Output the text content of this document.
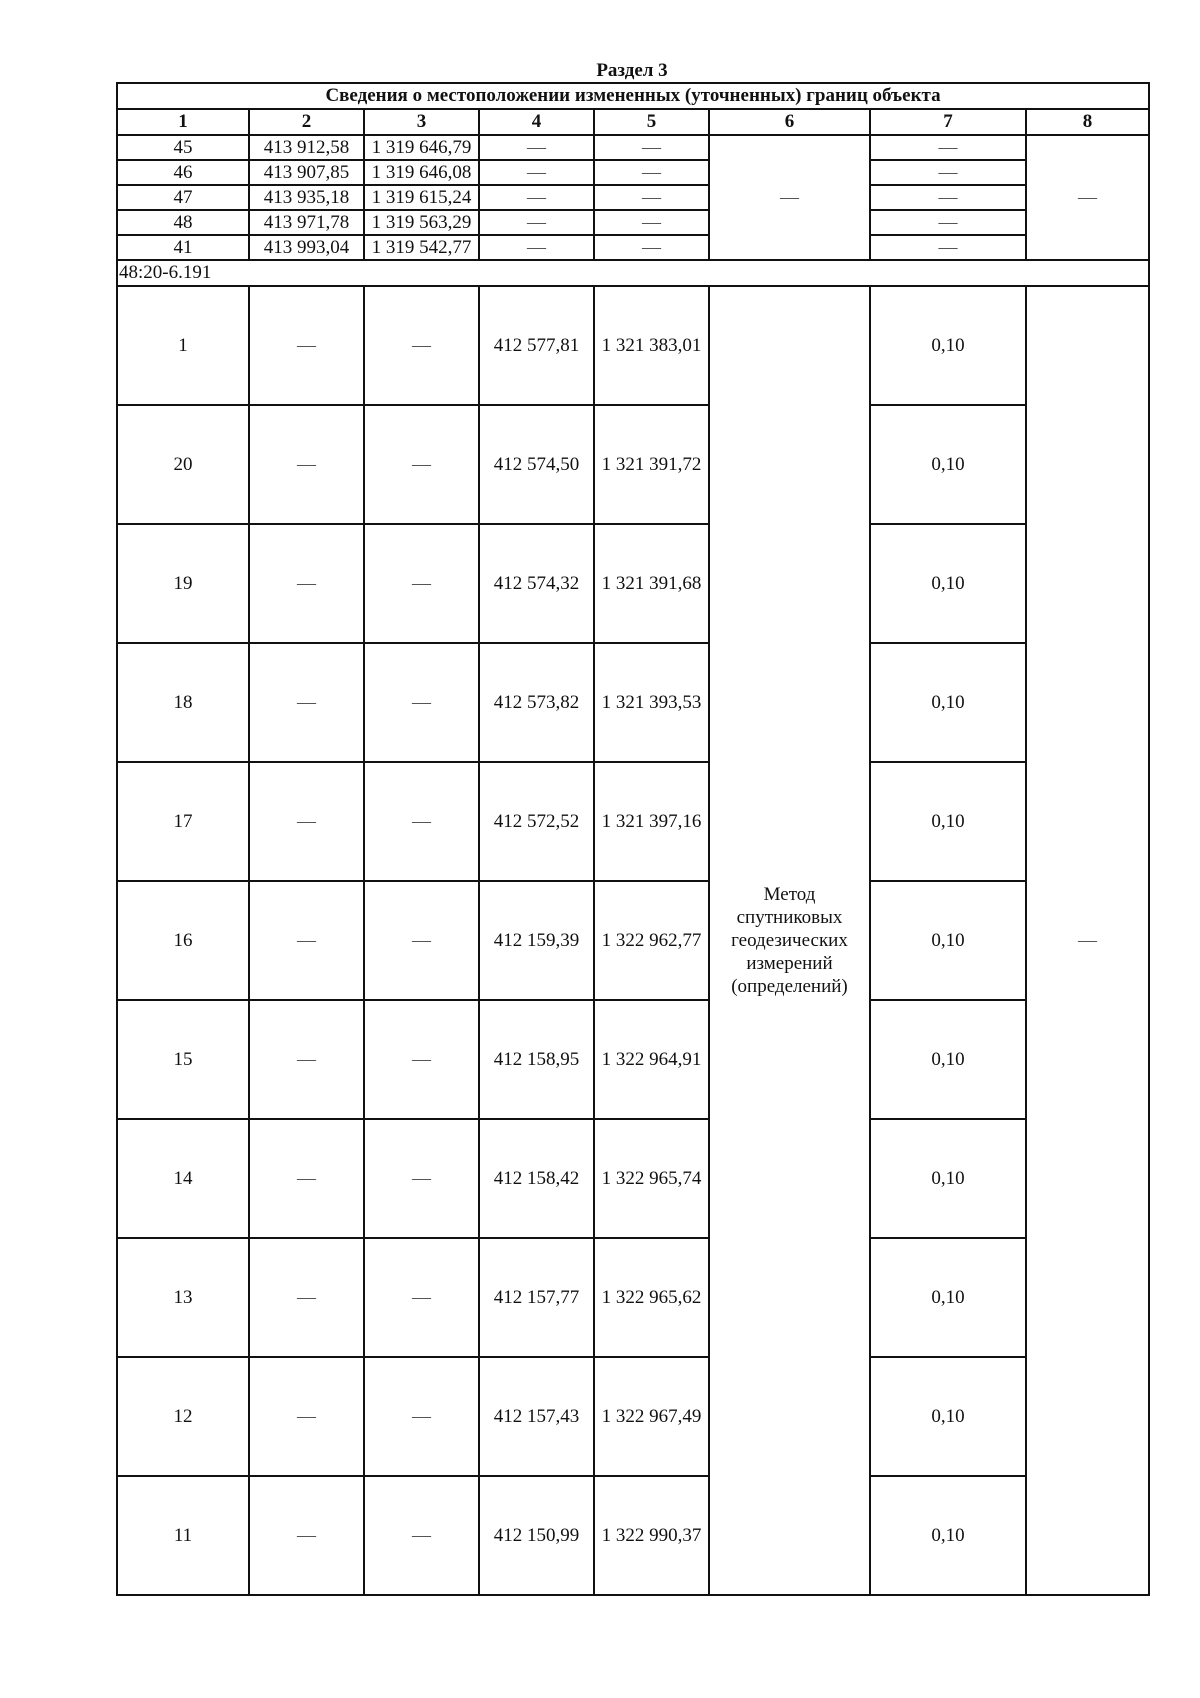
Раздел 3
Сведения о местоположении измененных (уточненных) границ объекта							
1	2	3	4	5	6	7	8
45	413 912,58	1 319 646,79	—	—	—	—	—
46	413 907,85	1 319 646,08	—	—		—	
47	413 935,18	1 319 615,24	—	—		—	
48	413 971,78	1 319 563,29	—	—		—	
41	413 993,04	1 319 542,77	—	—		—	
48:20-6.191							
1	—	—	412 577,81	1 321 383,01	Метод спутниковых геодезических измерений (определений)	0,10	—
20	—	—	412 574,50	1 321 391,72		0,10	
19	—	—	412 574,32	1 321 391,68		0,10	
18	—	—	412 573,82	1 321 393,53		0,10	
17	—	—	412 572,52	1 321 397,16		0,10	
16	—	—	412 159,39	1 322 962,77		0,10	
15	—	—	412 158,95	1 322 964,91		0,10	
14	—	—	412 158,42	1 322 965,74		0,10	
13	—	—	412 157,77	1 322 965,62		0,10	
12	—	—	412 157,43	1 322 967,49		0,10	
11	—	—	412 150,99	1 322 990,37		0,10	
